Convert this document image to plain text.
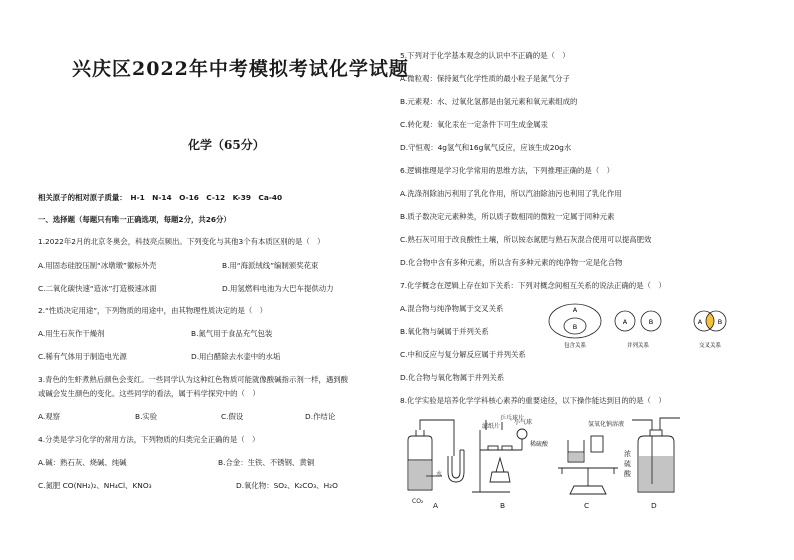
兴庆区2022年中考模拟考试化学试题
化学（65分）
相关原子的相对原子质量：　H-1　N-14　O-16　C-12　K-39　Ca-40
一、选择题（每题只有唯一正确选项，每题2分，共26分）
1.2022年2月的北京冬奥会，科技亮点频出。下列变化与其他3个有本质区别的是（　）
A.用固态硅胶压制“冰墩墩”徽标外壳	B.用“海派绒线”编制颁奖花束
C.二氧化碳快速“造冰”打造极速冰面	D.用氢燃料电池为大巴车提供动力
2.“性质决定用途”，下列物质的用途中，由其物理性质决定的是（　）
A.用生石灰作干燥剂	B.氮气用于食品充气包装
C.稀有气体用于制造电光源	D.用白醋除去水壶中的水垢
3.青色的生虾煮熟后颜色会变红。一些同学认为这种红色物质可能就像酸碱指示剂一样，遇到酸
或碱会发生颜色的变化。这些同学的看法，属于科学探究中的（　）
A.观察	B.实验	C.假设	D.作结论
4.分类是学习化学的常用方法，下列物质的归类完全正确的是（　）
A.碱：熟石灰、烧碱、纯碱	B.合金：生铁、不锈钢、黄铜
C.氮肥 CO(NH₂)₂、NH₄Cl、KNO₃	D.氧化物：SO₂、K₂CO₃、H₂O
5.下列对于化学基本观念的认识中不正确的是（　）
A.微粒观：保持氮气化学性质的最小粒子是氮气分子
B.元素观：水、过氧化氢都是由氢元素和氧元素组成的
C.转化观：氧化汞在一定条件下可生成金属汞
D.守恒观：4g氢气和16g氧气反应，应该生成20g水
6.逻辑推理是学习化学常用的思维方法，下列推理正确的是（　）
A.洗涤剂除油污利用了乳化作用，所以汽油除油污也利用了乳化作用
B.质子数决定元素种类，所以质子数相同的微粒一定属于同种元素
C.熟石灰可用于改良酸性土壤，所以铵态氮肥与熟石灰混合使用可以提高肥效
D.化合物中含有多种元素，所以含有多种元素的纯净物一定是化合物
7.化学概念在逻辑上存在如下关系：下列对概念间相互关系的说法正确的是（　）
A.混合物与纯净物属于交叉关系
B.氧化物与碱属于并列关系
C.中和反应与复分解反应属于并列关系
D.化合物与氧化物属于并列关系
A
B
包含关系
A	B
并列关系
A B
交叉关系
8.化学实验是培养化学学科核心素养的重要途径，以下操作能达到目的的是（　）
CO₂
水
滤纸片
乒乓球片
小气球
稀硫酸
氢氧化钠溶液
浓
硫
酸
A	B	C	D
